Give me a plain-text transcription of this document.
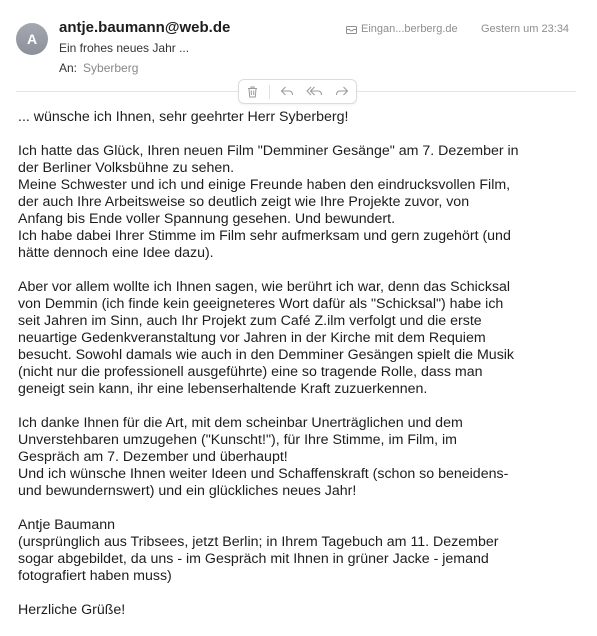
A
antje.baumann@web.de
Ein frohes neues Jahr ...
An: Syberberg
Eingan...berberg.de Gestern um 23:34

... wünsche ich Ihnen, sehr geehrter Herr Syberberg!

Ich hatte das Glück, Ihren neuen Film "Demminer Gesänge" am 7. Dezember in
der Berliner Volksbühne zu sehen.
Meine Schwester und ich und einige Freunde haben den eindrucksvollen Film,
der auch Ihre Arbeitsweise so deutlich zeigt wie Ihre Projekte zuvor, von
Anfang bis Ende voller Spannung gesehen. Und bewundert.
Ich habe dabei Ihrer Stimme im Film sehr aufmerksam und gern zugehört (und
hätte dennoch eine Idee dazu).

Aber vor allem wollte ich Ihnen sagen, wie berührt ich war, denn das Schicksal
von Demmin (ich finde kein geeigneteres Wort dafür als "Schicksal") habe ich
seit Jahren im Sinn, auch Ihr Projekt zum Café Z.ilm verfolgt und die erste
neuartige Gedenkveranstaltung vor Jahren in der Kirche mit dem Requiem
besucht. Sowohl damals wie auch in den Demminer Gesängen spielt die Musik
(nicht nur die professionell ausgeführte) eine so tragende Rolle, dass man
geneigt sein kann, ihr eine lebenserhaltende Kraft zuzuerkennen.

Ich danke Ihnen für die Art, mit dem scheinbar Unerträglichen und dem
Unverstehbaren umzugehen ("Kunscht!"), für Ihre Stimme, im Film, im
Gespräch am 7. Dezember und überhaupt!
Und ich wünsche Ihnen weiter Ideen und Schaffenskraft (schon so beneidens-
und bewundernswert) und ein glückliches neues Jahr!

Antje Baumann
(ursprünglich aus Tribsees, jetzt Berlin; in Ihrem Tagebuch am 11. Dezember
sogar abgebildet, da uns - im Gespräch mit Ihnen in grüner Jacke - jemand
fotografiert haben muss)

Herzliche Grüße!
